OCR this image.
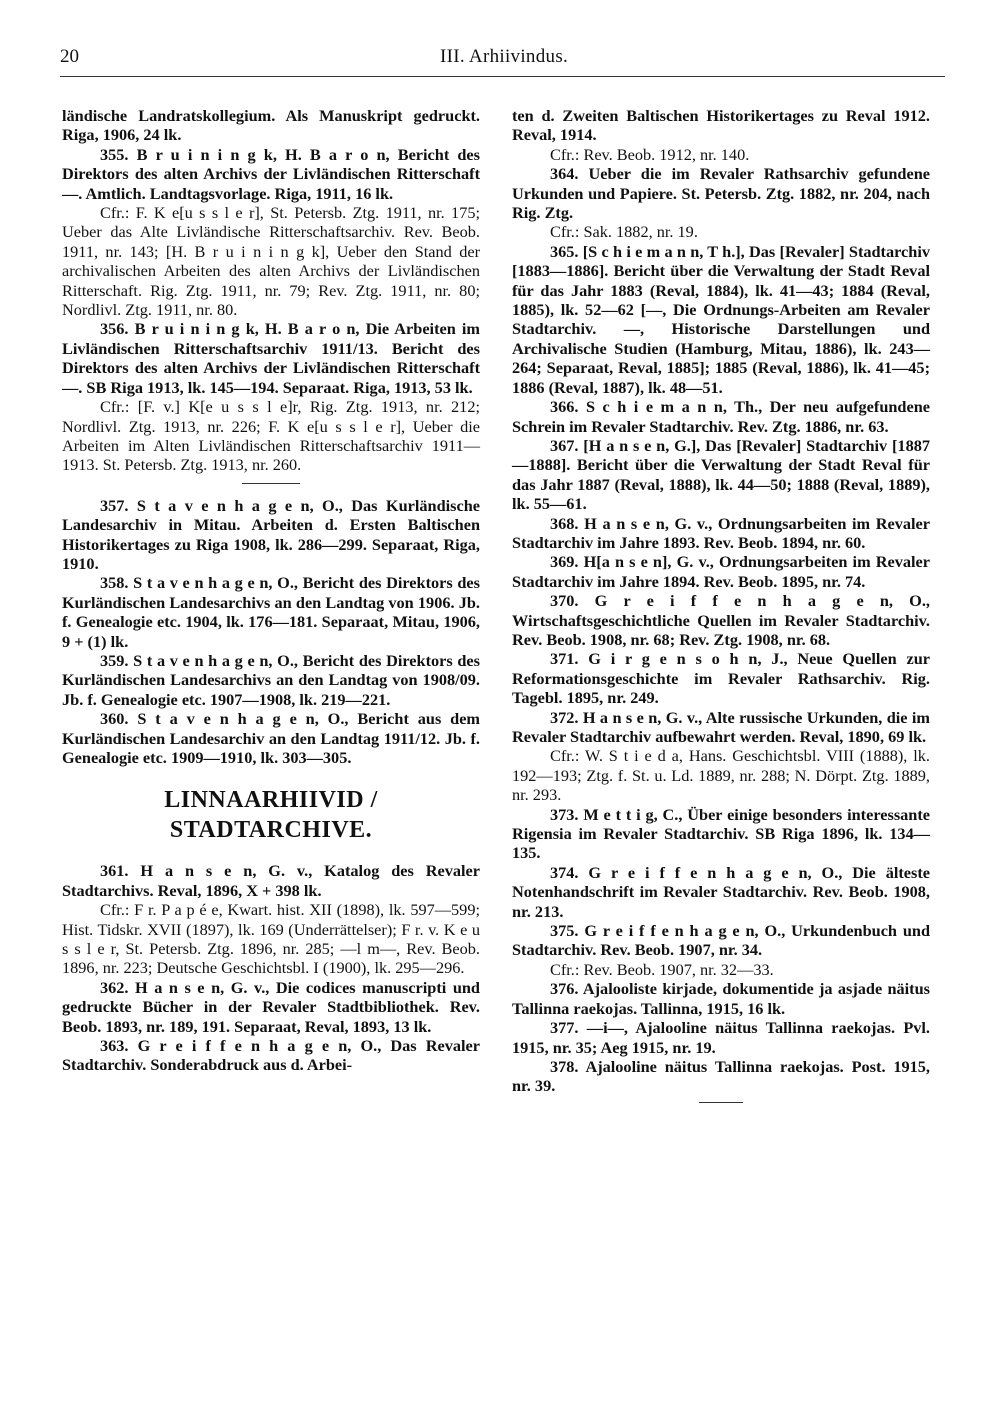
20	III. Arhiivindus.

ländische Landratskollegium. Als Manuskript gedruckt. Riga, 1906, 24 lk.

355. B r u i n i n g k, H. B a r o n, Bericht des Direktors des alten Archivs der Livländischen Ritterschaft —. Amtlich. Landtagsvorlage. Riga, 1911, 16 lk.

Cfr.: F. K e[u s s l e r], St. Petersb. Ztg. 1911, nr. 175; Ueber das Alte Livländische Ritterschaftsarchiv. Rev. Beob. 1911, nr. 143; [H. B r u i n i n g k], Ueber den Stand der archivalischen Arbeiten des alten Archivs der Livländischen Ritterschaft. Rig. Ztg. 1911, nr. 79; Rev. Ztg. 1911, nr. 80; Nordlivl. Ztg. 1911, nr. 80.

356. B r u i n i n g k, H. B a r o n, Die Arbeiten im Livländischen Ritterschaftsarchiv 1911/13. Bericht des Direktors des alten Archivs der Livländischen Ritterschaft —. SB Riga 1913, lk. 145—194. Separaat. Riga, 1913, 53 lk.

Cfr.: [F. v.] K[e u s s l e]r, Rig. Ztg. 1913, nr. 212; Nordlivl. Ztg. 1913, nr. 226; F. K e[u s s l e r], Ueber die Arbeiten im Alten Livländischen Ritterschaftsarchiv 1911—1913. St. Petersb. Ztg. 1913, nr. 260.

357. S t a v e n h a g e n, O., Das Kurländische Landesarchiv in Mitau. Arbeiten d. Ersten Baltischen Historikertages zu Riga 1908, lk. 286—299. Separaat, Riga, 1910.

358. S t a v e n h a g e n, O., Bericht des Direktors des Kurländischen Landesarchivs an den Landtag von 1906. Jb. f. Genealogie etc. 1904, lk. 176—181. Separaat, Mitau, 1906, 9 + (1) lk.

359. S t a v e n h a g e n, O., Bericht des Direktors des Kurländischen Landesarchivs an den Landtag von 1908/09. Jb. f. Genealogie etc. 1907—1908, lk. 219—221.

360. S t a v e n h a g e n, O., Bericht aus dem Kurländischen Landesarchiv an den Landtag 1911/12. Jb. f. Genealogie etc. 1909—1910, lk. 303—305.

LINNAARHIIVID / STADTARCHIVE.

361. H a n s e n, G. v., Katalog des Revaler Stadtarchivs. Reval, 1896, X + 398 lk.

Cfr.: F r. P a p é e, Kwart. hist. XII (1898), lk. 597—599; Hist. Tidskr. XVII (1897), lk. 169 (Underrättelser); F r. v. K e u s s l e r, St. Petersb. Ztg. 1896, nr. 285; —l m—, Rev. Beob. 1896, nr. 223; Deutsche Geschichtsbl. I (1900), lk. 295—296.

362. H a n s e n, G. v., Die codices manuscripti und gedruckte Bücher in der Revaler Stadtbibliothek. Rev. Beob. 1893, nr. 189, 191. Separaat, Reval, 1893, 13 lk.

363. G r e i f f e n h a g e n, O., Das Revaler Stadtarchiv. Sonderabdruck aus d. Arbei-

ten d. Zweiten Baltischen Historikertages zu Reval 1912. Reval, 1914.

Cfr.: Rev. Beob. 1912, nr. 140.

364. Ueber die im Revaler Rathsarchiv gefundene Urkunden und Papiere. St. Petersb. Ztg. 1882, nr. 204, nach Rig. Ztg.

Cfr.: Sak. 1882, nr. 19.

365. [S c h i e m a n n, T h.], Das [Revaler] Stadtarchiv [1883—1886]. Bericht über die Verwaltung der Stadt Reval für das Jahr 1883 (Reval, 1884), lk. 41—43; 1884 (Reval, 1885), lk. 52—62 [—, Die Ordnungs-Arbeiten am Revaler Stadtarchiv. —, Historische Darstellungen und Archivalische Studien (Hamburg, Mitau, 1886), lk. 243—264; Separaat, Reval, 1885]; 1885 (Reval, 1886), lk. 41—45; 1886 (Reval, 1887), lk. 48—51.

366. S c h i e m a n n, Th., Der neu aufgefundene Schrein im Revaler Stadtarchiv. Rev. Ztg. 1886, nr. 63.

367. [H a n s e n, G.], Das [Revaler] Stadtarchiv [1887—1888]. Bericht über die Verwaltung der Stadt Reval für das Jahr 1887 (Reval, 1888), lk. 44—50; 1888 (Reval, 1889), lk. 55—61.

368. H a n s e n, G. v., Ordnungsarbeiten im Revaler Stadtarchiv im Jahre 1893. Rev. Beob. 1894, nr. 60.

369. H[a n s e n], G. v., Ordnungsarbeiten im Revaler Stadtarchiv im Jahre 1894. Rev. Beob. 1895, nr. 74.

370. G r e i f f e n h a g e n, O., Wirtschaftsgeschichtliche Quellen im Revaler Stadtarchiv. Rev. Beob. 1908, nr. 68; Rev. Ztg. 1908, nr. 68.

371. G i r g e n s o h n, J., Neue Quellen zur Reformationsgeschichte im Revaler Rathsarchiv. Rig. Tagebl. 1895, nr. 249.

372. H a n s e n, G. v., Alte russische Urkunden, die im Revaler Stadtarchiv aufbewahrt werden. Reval, 1890, 69 lk.

Cfr.: W. S t i e d a, Hans. Geschichtsbl. VIII (1888), lk. 192—193; Ztg. f. St. u. Ld. 1889, nr. 288; N. Dörpt. Ztg. 1889, nr. 293.

373. M e t t i g, C., Über einige besonders interessante Rigensia im Revaler Stadtarchiv. SB Riga 1896, lk. 134—135.

374. G r e i f f e n h a g e n, O., Die älteste Notenhandschrift im Revaler Stadtarchiv. Rev. Beob. 1908, nr. 213.

375. G r e i f f e n h a g e n, O., Urkundenbuch und Stadtarchiv. Rev. Beob. 1907, nr. 34.

Cfr.: Rev. Beob. 1907, nr. 32—33.

376. Ajalooliste kirjade, dokumentide ja asjade näitus Tallinna raekojas. Tallinna, 1915, 16 lk.

377. —i—, Ajalooline näitus Tallinna raekojas. Pvl. 1915, nr. 35; Aeg 1915, nr. 19.

378. Ajalooline näitus Tallinna raekojas. Post. 1915, nr. 39.
